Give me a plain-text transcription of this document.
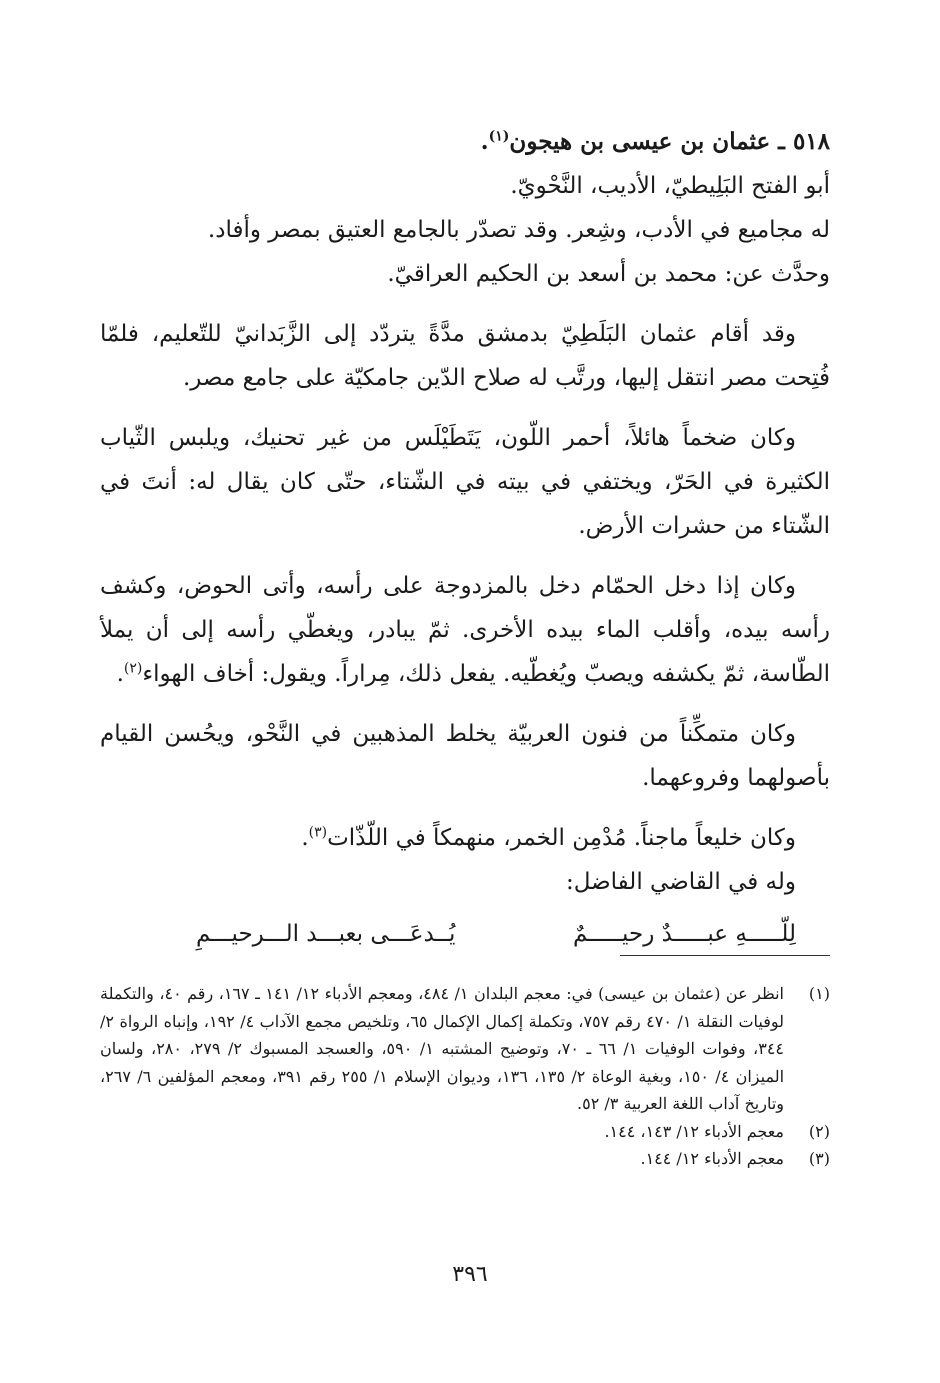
٥١٨ ـ عثمان بن عيسى بن هيجون$^{(١)}$.

أبو الفتح البَلِيطيّ، الأديب، النَّحْويّ.

له مجاميع في الأدب، وشِعر. وقد تصدّر بالجامع العتيق بمصر وأفاد.

وحدَّث عن: محمد بن أسعد بن الحكيم العراقيّ.

وقد أقام عثمان البَلَطِيّ بدمشق مدَّةً يتردّد إلى الزَّبَدانيّ للتّعليم، فلمّا فُتِحت مصر انتقل إليها، ورتَّب له صلاح الدّين جامكيّة على جامع مصر.

وكان ضخماً هائلاً، أحمر اللّون، يَتَطَيْلَس من غير تحنيك، ويلبس الثّياب الكثيرة في الحَرّ، ويختفي في بيته في الشّتاء، حتّى كان يقال له: أنتَ في الشّتاء من حشرات الأرض.

وكان إذا دخل الحمّام دخل بالمزدوجة على رأسه، وأتى الحوض، وكشف رأسه بيده، وأقلب الماء بيده الأخرى. ثمّ يبادر، ويغطّي رأسه إلى أن يملأ الطّاسة، ثمّ يكشفه ويصبّ ويُغطّيه. يفعل ذلك، مِراراً. ويقول: أخاف الهواء$^{(٢)}$.

وكان متمكِّناً من فنون العربيّة يخلط المذهبين في النَّحْو، ويحُسن القيام بأصولهما وفروعهما.

وكان خليعاً ماجناً. مُدْمِن الخمر، منهمكاً في اللّذّات$^{(٣)}$.

وله في القاضي الفاضل:

لِلّـــــهِ عبـــــدٌ رحيـــــمٌ
يُــدعَـــى بعبـــد الـــرحيـــمِ
(١)
انظر عن (عثمان بن عيسى) في: معجم البلدان ١/ ٤٨٤، ومعجم الأدباء ١٢/ ١٤١ ـ ١٦٧، رقم ٤٠، والتكملة لوفيات النقلة ١/ ٤٧٠ رقم ٧٥٧، وتكملة إكمال الإكمال ٦٥، وتلخيص مجمع الآداب ٤/ ١٩٢، وإنباه الرواة ٢/ ٣٤٤، وفوات الوفيات ١/ ٦٦ ـ ٧٠، وتوضيح المشتبه ١/ ٥٩٠، والعسجد المسبوك ٢/ ٢٧٩، ٢٨٠، ولسان الميزان ٤/ ١٥٠، وبغية الوعاة ٢/ ١٣٥، ١٣٦، وديوان الإسلام ١/ ٢٥٥ رقم ٣٩١، ومعجم المؤلفين ٦/ ٢٦٧، وتاريخ آداب اللغة العربية ٣/ ٥٢.
(٢)
معجم الأدباء ١٢/ ١٤٣، ١٤٤.
(٣)
معجم الأدباء ١٢/ ١٤٤.
٣٩٦
